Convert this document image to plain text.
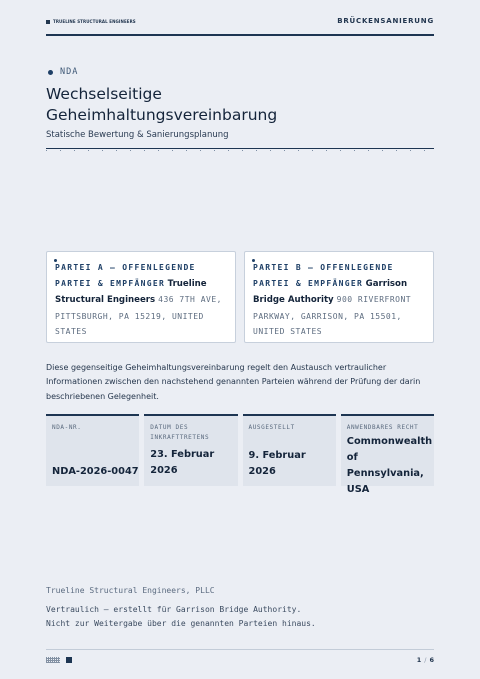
TRUELINE STRUCTURAL ENGINEERS	BRÜCKENSANIERUNG
NDA
Wechselseitige Geheimhaltungsvereinbarung
Statische Bewertung & Sanierungsplanung
PARTEI A — OFFENLEGENDE PARTEI & EMPFÄNGER Trueline Structural Engineers 436 7TH AVE, PITTSBURGH, PA 15219, UNITED STATES
PARTEI B — OFFENLEGENDE PARTEI & EMPFÄNGER Garrison Bridge Authority 900 RIVERFRONT PARKWAY, GARRISON, PA 15501, UNITED STATES

Diese gegenseitige Geheimhaltungsvereinbarung regelt den Austausch vertraulicher Informationen zwischen den nachstehend genannten Parteien während der Prüfung der darin beschriebenen Gelegenheit.

NDA-NR.
NDA-2026-0047
DATUM DES INKRAFTTRETENS
23. Februar 2026
AUSGESTELLT
9. Februar 2026
ANWENDBARES RECHT
Commonwealth of Pennsylvania, USA
Trueline Structural Engineers, PLLC
Vertraulich — erstellt für Garrison Bridge Authority.
Nicht zur Weitergabe über die genannten Parteien hinaus.
1 / 6
